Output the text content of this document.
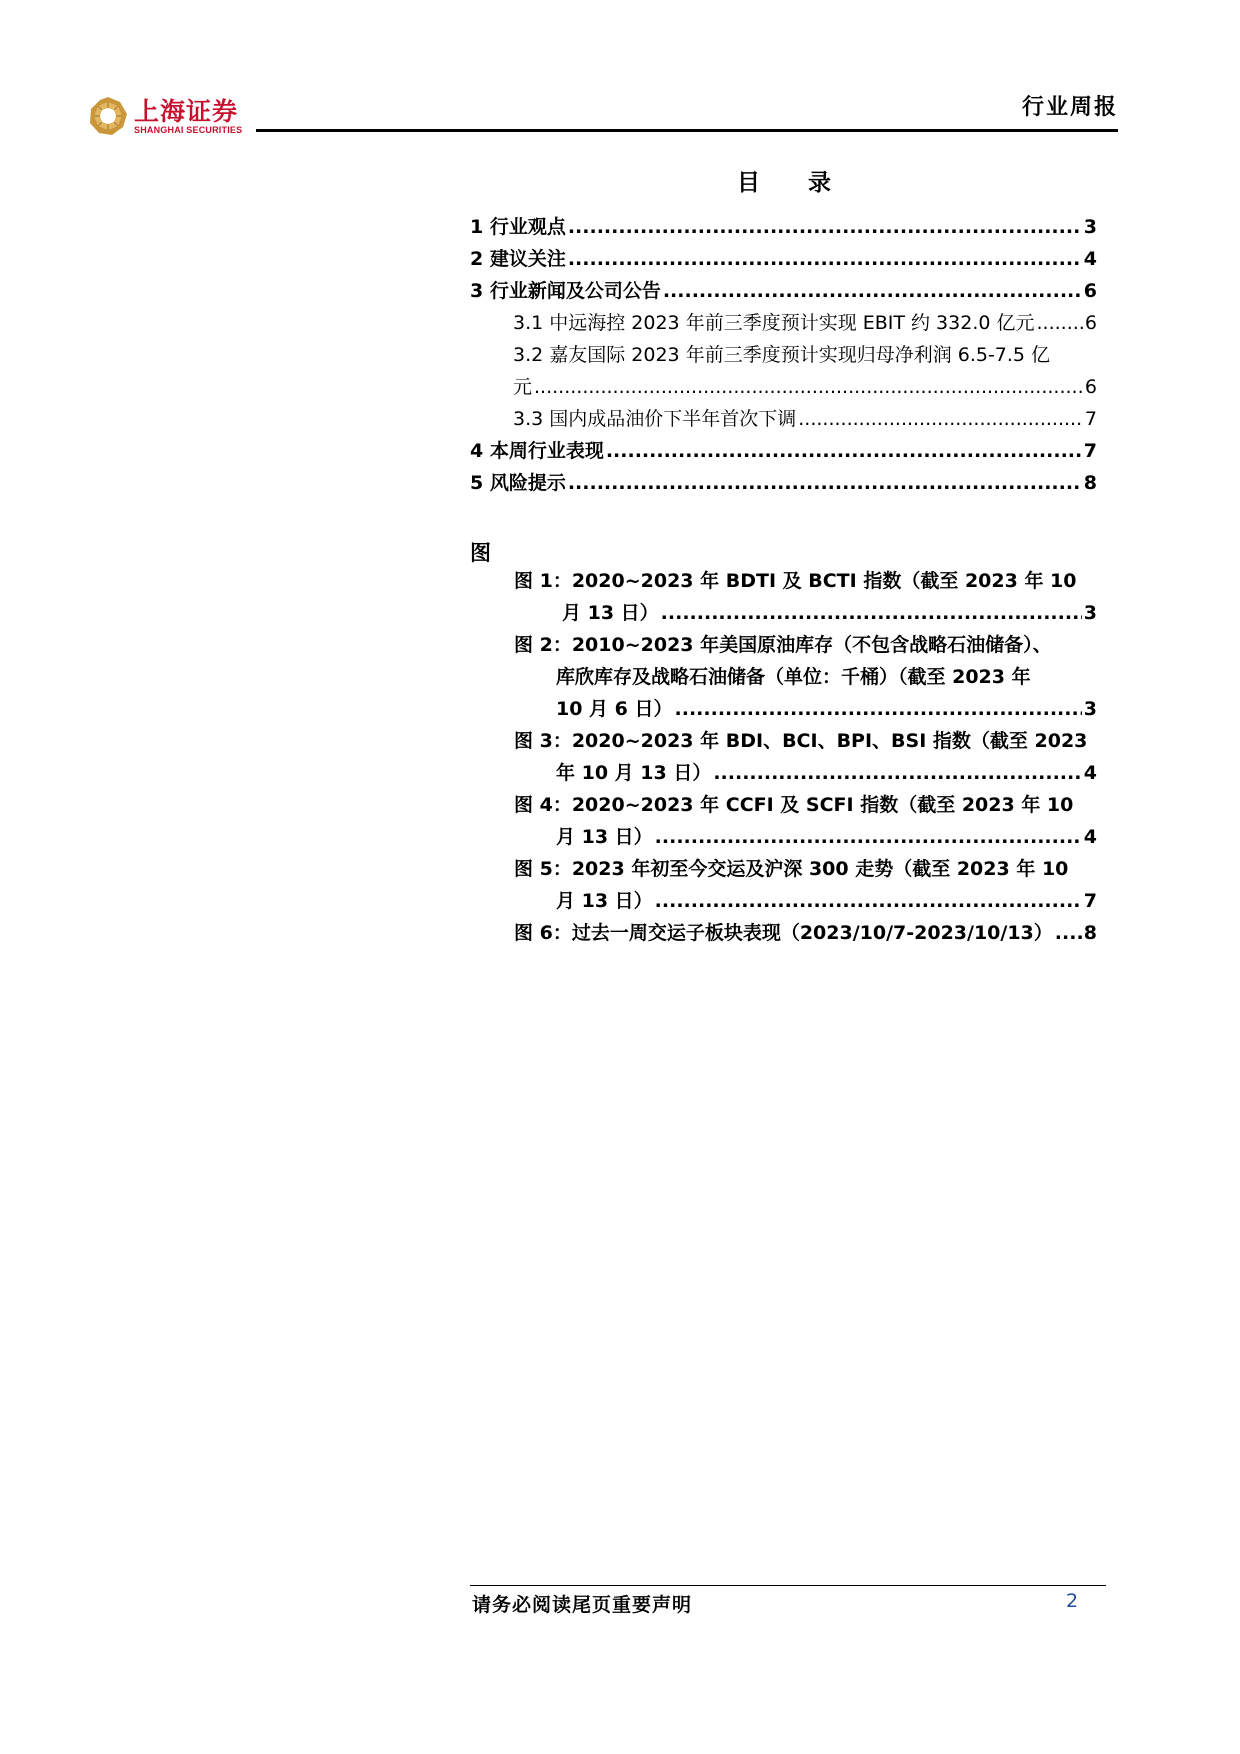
上海证券
SHANGHAI SECURITIES
行业周报
目 录
1 行业观点 .....	3
2 建议关注 .....	4
3 行业新闻及公司公告 .....	6
3.1 中远海控 2023 年前三季度预计实现 EBIT 约 332.0 亿元 .....	6
3.2 嘉友国际 2023 年前三季度预计实现归母净利润 6.5-7.5 亿
元 .....	6
3.3 国内成品油价下半年首次下调 .....	7
4 本周行业表现 .....	7
5 风险提示 .....	8
图
图 1：2020~2023 年 BDTI 及 BCTI 指数（截至 2023 年 10
月 13 日） .....	3
图 2：2010~2023 年美国原油库存（不包含战略石油储备）、
库欣库存及战略石油储备（单位：千桶）（截至 2023 年
10 月 6 日） .....	3
图 3：2020~2023 年 BDI、BCI、BPI、BSI 指数（截至 2023
年 10 月 13 日） .....	4
图 4：2020~2023 年 CCFI 及 SCFI 指数（截至 2023 年 10
月 13 日） .....	4
图 5：2023 年初至今交运及沪深 300 走势（截至 2023 年 10
月 13 日） .....	7
图 6：过去一周交运子板块表现（2023/10/7-2023/10/13） ..... 8
请务必阅读尾页重要声明	2
